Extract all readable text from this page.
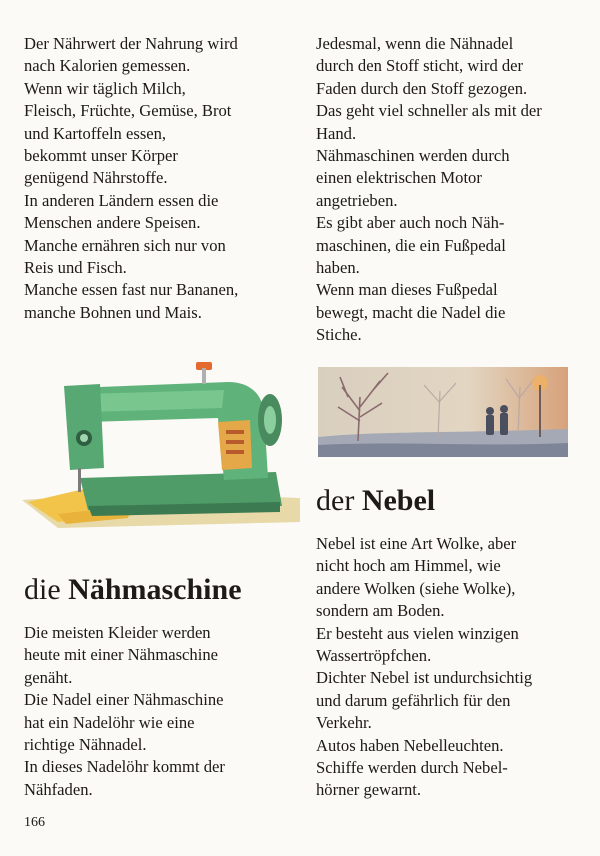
Der Nährwert der Nahrung wird
nach Kalorien gemessen.
Wenn wir täglich Milch,
Fleisch, Früchte, Gemüse, Brot
und Kartoffeln essen,
bekommt unser Körper
genügend Nährstoffe.
In anderen Ländern essen die
Menschen andere Speisen.
Manche ernähren sich nur von
Reis und Fisch.
Manche essen fast nur Bananen,
manche Bohnen und Mais.
Jedesmal, wenn die Nähnadel
durch den Stoff sticht, wird der
Faden durch den Stoff gezogen.
Das geht viel schneller als mit der
Hand.
Nähmaschinen werden durch
einen elektrischen Motor
angetrieben.
Es gibt aber auch noch Näh-
maschinen, die ein Fußpedal
haben.
Wenn man dieses Fußpedal
bewegt, macht die Nadel die
Stiche.
die Nähmaschine
Die meisten Kleider werden
heute mit einer Nähmaschine
genäht.
Die Nadel einer Nähmaschine
hat ein Nadelöhr wie eine
richtige Nähnadel.
In dieses Nadelöhr kommt der
Nähfaden.
der Nebel
Nebel ist eine Art Wolke, aber
nicht hoch am Himmel, wie
andere Wolken (siehe Wolke),
sondern am Boden.
Er besteht aus vielen winzigen
Wassertröpfchen.
Dichter Nebel ist undurchsichtig
und darum gefährlich für den
Verkehr.
Autos haben Nebelleuchten.
Schiffe werden durch Nebel-
hörner gewarnt.
166
